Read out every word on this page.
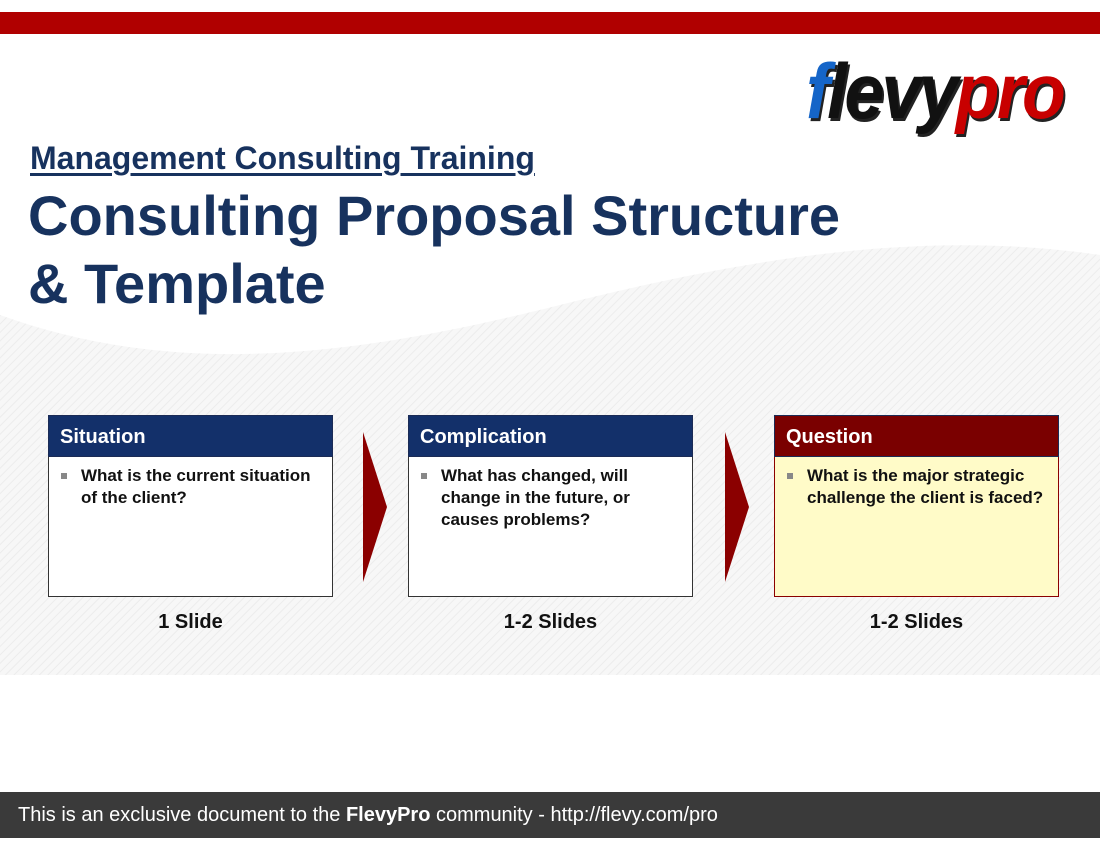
flevypro
Management Consulting Training
Consulting Proposal Structure
& Template
Situation
What is the current situation of the client?
1 Slide
Complication
What has changed, will change in the future, or causes problems?
1-2 Slides
Question
What is the major strategic challenge the client is faced?
1-2 Slides
This is an exclusive document to the FlevyPro community - http://flevy.com/pro
